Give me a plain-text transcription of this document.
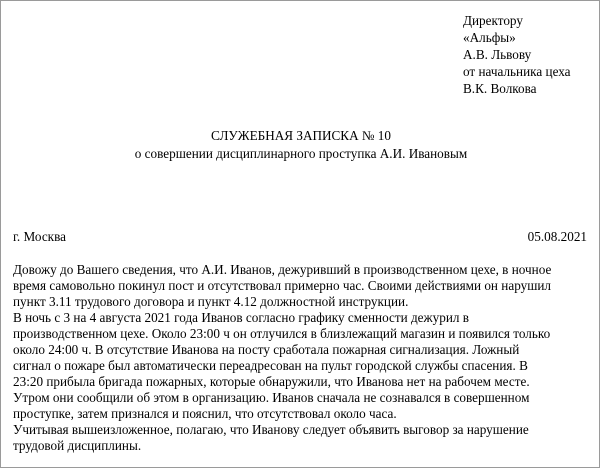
Директору
«Альфы»
А.В. Львову
от начальника цеха
В.К. Волкова
СЛУЖЕБНАЯ ЗАПИСКА № 10
о совершении дисциплинарного проступка А.И. Ивановым
г. Москва	05.08.2021
Довожу до Вашего сведения, что А.И. Иванов, дежуривший в производственном цехе, в ночное
время самовольно покинул пост и отсутствовал примерно час. Своими действиями он нарушил
пункт 3.11 трудового договора и пункт 4.12 должностной инструкции.
В ночь с 3 на 4 августа 2021 года Иванов согласно графику сменности дежурил в
производственном цехе. Около 23:00 ч он отлучился в близлежащий магазин и появился только
около 24:00 ч. В отсутствие Иванова на посту сработала пожарная сигнализация. Ложный
сигнал о пожаре был автоматически переадресован на пульт городской службы спасения. В
23:20 прибыла бригада пожарных, которые обнаружили, что Иванова нет на рабочем месте.
Утром они сообщили об этом в организацию. Иванов сначала не сознавался в совершенном
проступке, затем признался и пояснил, что отсутствовал около часа.
Учитывая вышеизложенное, полагаю, что Иванову следует объявить выговор за нарушение
трудовой дисциплины.
